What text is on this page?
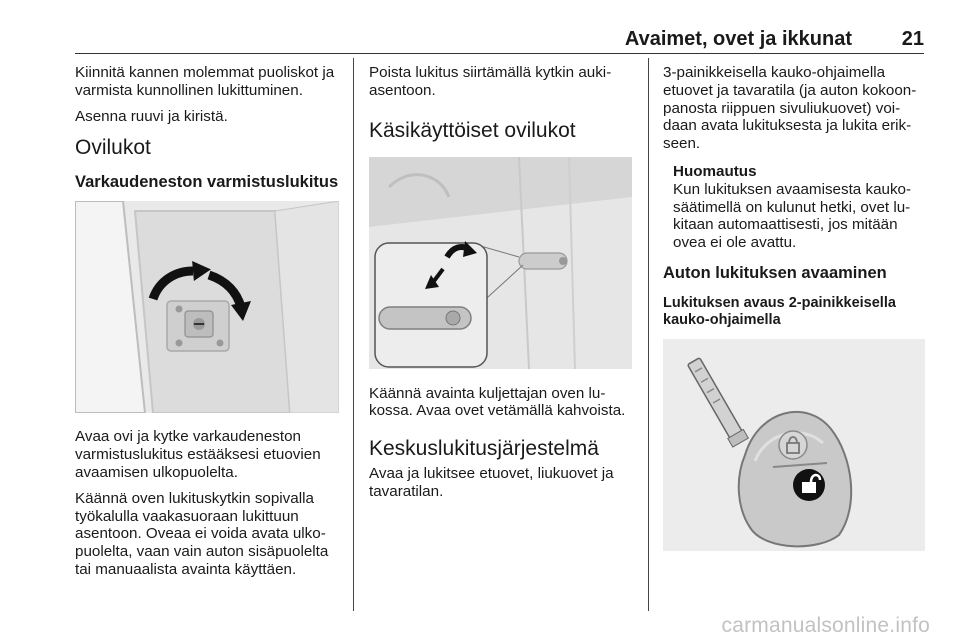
Avaimet, ovet ja ikkunat 21

Kiinnitä kannen molemmat puoliskot ja varmista kunnollinen lukittuminen.

Asenna ruuvi ja kiristä.

Ovilukot
Varkaudeneston varmistuslukitus

Avaa ovi ja kytke varkaudeneston varmistuslukitus estääksesi etuovien avaamisen ulkopuolelta.

Käännä oven lukituskytkin sopivalla työkalulla vaakasuoraan lukittuun asentoon. Oveaa ei voida avata ulkopuolelta, vaan vain auton sisäpuolelta tai manuaalista avainta käyttäen.

Poista lukitus siirtämällä kytkin aukiasentoon.

Käsikäyttöiset ovilukot

Käännä avainta kuljettajan oven lukossa. Avaa ovet vetämällä kahvoista.

Keskuslukitusjärjestelmä

Avaa ja lukitsee etuovet, liukuovet ja tavaratilan.

3-painikkeisella kauko-ohjaimella etuovet ja tavaratila (ja auton kokoonpanosta riippuen sivuliukuovet) voidaan avata lukituksesta ja lukita erikseen.

Huomautus

Kun lukituksen avaamisesta kaukosäätimellä on kulunut hetki, ovet lukitaan automaattisesti, jos mitään ovea ei ole avattu.

Auton lukituksen avaaminen
Lukituksen avaus 2-painikkeisella kauko-ohjaimella
carmanualsonline.info
